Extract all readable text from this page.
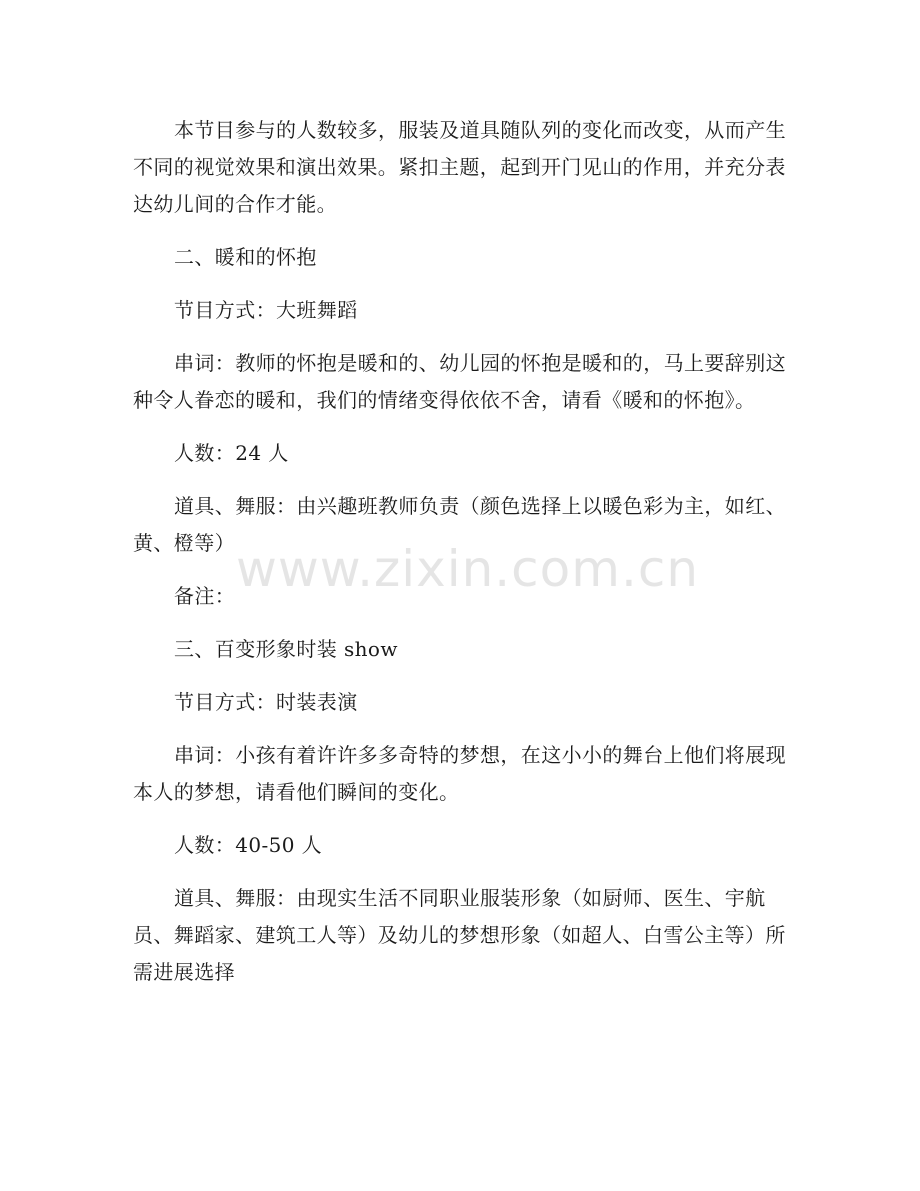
本节目参与的人数较多，服装及道具随队列的变化而改变，从而产生不同的视觉效果和演出效果。紧扣主题，起到开门见山的作用，并充分表达幼儿间的合作才能。

二、暖和的怀抱

节目方式：大班舞蹈

串词：教师的怀抱是暖和的、幼儿园的怀抱是暖和的，马上要辞别这种令人眷恋的暖和，我们的情绪变得依依不舍，请看《暖和的怀抱》。

人数：24 人

道具、舞服：由兴趣班教师负责（颜色选择上以暖色彩为主，如红、黄、橙等）

备注：

三、百变形象时装 show

节目方式：时装表演

串词：小孩有着许许多多奇特的梦想，在这小小的舞台上他们将展现本人的梦想，请看他们瞬间的变化。

人数：40-50 人

道具、舞服：由现实生活不同职业服装形象（如厨师、医生、宇航员、舞蹈家、建筑工人等）及幼儿的梦想形象（如超人、白雪公主等）所需进展选择

www.zixin.com.cn
